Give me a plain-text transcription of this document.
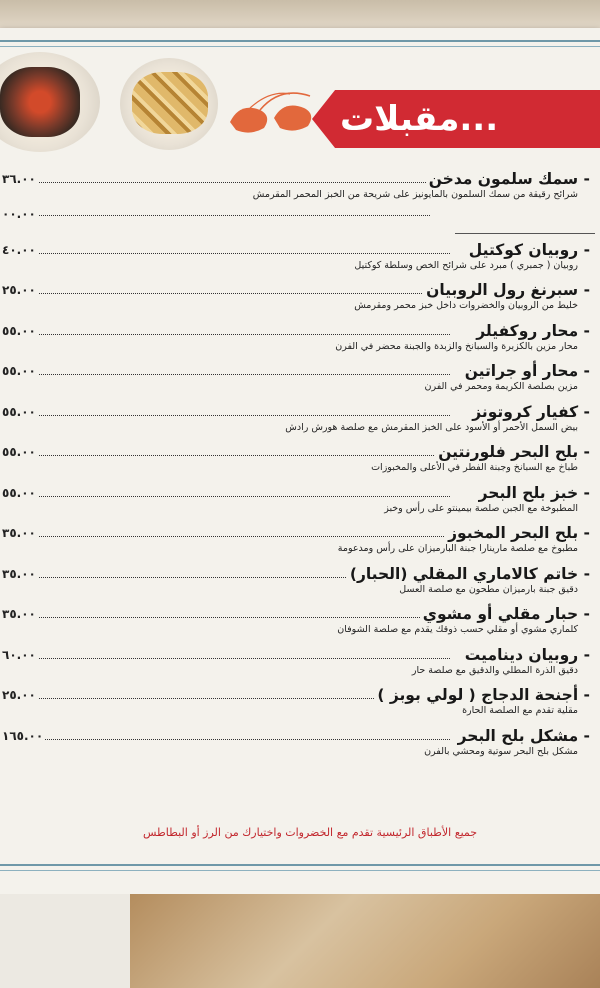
...مقبلات
٣٦.٠٠	- سمك سلمون مدخن
شرائح رقيقة من سمك السلمون بالمايونيز على شريحة من الخبز المحمر المقرمش
٠٠.٠٠
٤٠.٠٠	- روبيان كوكتيل
روبيان ( جمبري ) مبرد على شرائح الخص وسلطة كوكتيل
٢٥.٠٠	- سبرنغ رول الروبيان
خليط من الروبيان والخضروات داخل خبز محمر ومقرمش
٥٥.٠٠	- محار روكفيلر
محار مزين بالكزبرة والسبانخ والزبدة والجبنة محضر في الفرن
٥٥.٠٠	- محار أو جراتين
مزين بصلصة الكريمة ومحمر في الفرن
٥٥.٠٠	- كفيار كروتونز
بيض السمل الأحمر أو الأسود على الخبز المقرمش مع صلصة هورش رادش
٥٥.٠٠	- بلح البحر فلورنتين
طباخ مع السبانخ وجبنة الفطر في الأعلى والمخبوزات
٥٥.٠٠	- خبز بلح البحر
المطبوخة مع الجبن صلصة بيمينتو على رأس وخبز
٣٥.٠٠	- بلح البحر المخبوز
مطبوخ مع صلصة مارينارا جبنة البارميزان على رأس ومدعومة
٣٥.٠٠	- خاتم كالاماري المقلي (الحبار)
دقيق جبنة بارميزان مطحون مع صلصة العسل
٣٥.٠٠	- حبار مقلي أو مشوي
كلماري مشوي أو مقلي حسب ذوقك يقدم مع صلصة الشوفان
٦٠.٠٠	- روبيان ديناميت
دقيق الذرة المطلي والدقيق مع صلصة حار
٢٥.٠٠	- أجنحة الدجاج ( لولي بوبز )
مقلية تقدم مع الصلصة الحارة
١٦٥.٠٠	- مشكل بلح البحر
مشكل بلح البحر سوتية ومحشي بالفرن
جميع الأطباق الرئيسية تقدم مع الخضروات واختيارك من الرز أو البطاطس
